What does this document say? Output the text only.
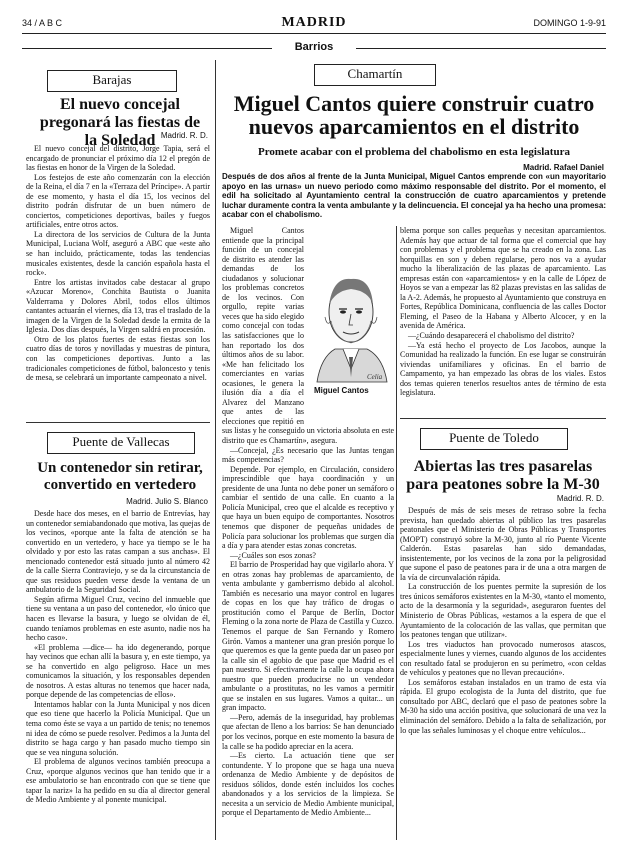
34 / A B C	MADRID	DOMINGO 1-9-91
Barrios
Barajas
El nuevo concejal pregonará las fiestas de la Soledad Madrid. R. D.

El nuevo concejal del distrito, Jorge Tapia, será el encargado de pronunciar el próximo día 12 el pregón de las fiestas en honor de la Virgen de la Soledad.

Los festejos de este año comenzarán con la elección de la Reina, el día 7 en la «Terraza del Príncipe». A partir de ese momento, y hasta el día 15, los vecinos del distrito podrán disfrutar de un buen número de conciertos, competiciones deportivas, bailes y fuegos artificiales, entre otros actos.

La directora de los servicios de Cultura de la Junta Municipal, Luciana Wolf, aseguró a ABC que «este año se han incluido, prácticamente, todas las tendencias musicales existentes, desde la canción española hasta el rock».

Entre los artistas invitados cabe destacar al grupo «Azucar Moreno», Conchita Bautista o Juanita Valderrama y Dolores Abril, todos ellos últimos cantantes actuarán el viernes, día 13, tras el traslado de la imagen de la Virgen de la Soledad desde la ermita de la Iglesia. Dos días después, la Virgen saldrá en procesión.

Otro de los platos fuertes de estas fiestas son los cuatro días de toros y novilladas y muestras de pintura, con las competiciones deportivas. Junto a las tradicionales competiciones de fútbol, baloncesto y tenis de mesa, se celebrará un importante campeonato a nivel.

Puente de Vallecas
Un contenedor sin retirar, convertido en vertedero
Madrid. Julio S. Blanco

Desde hace dos meses, en el barrio de Entrevías, hay un contenedor semiabandonado que motiva, las quejas de los vecinos, «porque ante la falta de atención se ha convertido en un vertedero, y hace ya tiempo se le ha olvidado y por esto las ratas campan a sus anchas». El mencionado contenedor está situado junto al número 42 de la calle Sierra Contraviejo, y se da la circunstancia de que sus residuos pueden verse desde la ventana de un ambulatorio de la Seguridad Social.

Según afirma Miguel Cruz, vecino del inmueble que tiene su ventana a un paso del contenedor, «lo único que hacen es llevarse la basura, y luego se olvidan de él, cuando teníamos problemas en este asunto, nadie nos ha hecho caso».

«El problema —dice— ha ido degenerando, porque hay vecinos que echan allí la basura y, en este tiempo, ya se ha convertido en algo peligroso. Hace un mes comunicamos la situación, y los responsables dependen de nosotros. A estas alturas no tenemos que hacer nada, porque depende de las competencias de ellos».

Intentamos hablar con la Junta Municipal y nos dicen que eso tiene que hacerlo la Policía Municipal. Que un tema como éste se vaya a un partido de tenis; no tenemos ni idea de cómo se puede resolver. Pedimos a la Junta del distrito se haga cargo y han pasado mucho tiempo sin que se vea ninguna solución.

El problema de algunos vecinos también preocupa a Cruz, «porque algunos vecinos que han tenido que ir a ese ambulatorio se han encontrado con que se tiene que tapar la nariz» la ha pedido en su día al director general de Medio Ambiente y al ponente municipal.

Chamartín
Miguel Cantos quiere construir cuatro nuevos aparcamientos en el distrito
Promete acabar con el problema del chabolismo en esta legislatura
Madrid. Rafael Daniel
Después de dos años al frente de la Junta Municipal, Miguel Cantos emprende con «un mayoritario apoyo en las urnas» un nuevo periodo como máximo responsable del distrito. Por el momento, el edil ha solicitado al Ayuntamiento central la construcción de cuatro aparcamientos y pretende luchar duramente contra la venta ambulante y la delincuencia. El concejal ya ha hecho una promesa: acabar con el chabolismo.

Miguel Cantos entiende que la principal función de un concejal de distrito es atender las demandas de los ciudadanos y solucionar los problemas concretos de los vecinos. Con orgullo, repite varias veces que ha sido elegido como concejal con todas las satisfacciones que lo han reportado los dos últimos años de su labor. «Me han felicitado los comerciantes en varias ocasiones, le genera la ilusión día a día el Alvarez del Manzano que antes de las elecciones que repitió en sus listas y he conseguido un victoria absoluta en este distrito que es Chamartín», asegura.

—Concejal, ¿Es necesario que las Juntas tengan más competencias?

Depende. Por ejemplo, en Circulación, considero imprescindible que haya coordinación y un presidente de una Junta no debe poner un semáforo o cambiar el sentido de una calle. En cuanto a la Policía Municipal, creo que el alcalde es receptivo y que haya un buen equipo de comportantes. Nosotros tenemos que disponer de pequeñas unidades de Policía para solucionar los problemas que surgen día a día y para atender estas zonas concretas.

—¿Cuáles son esos zonas?

El barrio de Prosperidad hay que vigilarlo ahora. Y en otras zonas hay problemas de aparcamiento, de venta ambulante y gamberrismo debido al alcohol. También es necesario una mayor control en lugares de copas en los que hay tráfico de drogas o prostitución como el Parque de Berlín, Doctor Fleming o la zona norte de Plaza de Castilla y Cuzco. Tenemos el parque de San Fernando y Romero Girón. Vamos a mantener una gran presión porque lo que queremos es que la gente pueda dar un paseo por la calle sin el agobio de que pase que Madrid es el pan nuestro. Si efectivamente la calle la ocupa ahora nuestro que pueden producirse no un vendedor ambulante o a prostitutas, no les vamos a permitir que se instalen en sus lugares. Vamos a quitar... un gran impacto.

—Pero, además de la inseguridad, hay problemas que afectan de lleno a los barrios: Se han denunciado por los vecinos, porque en este momento la basura de la calle se ha podido apreciar en la acera.

—Es cierto. La actuación tiene que ser contundente. Y lo propone que se haga una nueva ordenanza de Medio Ambiente y de depósitos de residuos sólidos, donde estén incluidos los coches abandonados y a los servicios de la limpieza. Se necesita a un servicio de Medio Ambiente municipal, porque el Departamento de Medio Ambiente...

Celia
Miguel Cantos

blema porque son calles pequeñas y necesitan aparcamientos. Además hay que actuar de tal forma que el comercial que hay con problemas y el problema que se ha creado en la zona. Las horquillas en son y deben regularse, pero nos va a ayudar mucho la liberalización de las plazas de aparcamiento. Las empresas están con «aparcamientos» y en la calle de López de Hoyos se van a empezar las 82 plazas previstas en las salidas de la A-2. Además, he propuesto al Ayuntamiento que construya en Fortes, República Dominicana, confluencia de las calles Doctor Fleming, el Paseo de la Habana y Alberto Alcocer, y en la avenida de América.

—¿Cuándo desaparecerá el chabolismo del distrito?

—Ya está hecho el proyecto de Los Jacobos, aunque la Comunidad ha realizado la función. En ese lugar se construirán viviendas unifamiliares y oficinas. En el barrio de Campamento, ya han empezado las obras de los viales. Estos dos temas quieren tenerlos resueltos antes de término de esta legislatura.

Puente de Toledo
Abiertas las tres pasarelas para peatones sobre la M-30
Madrid. R. D.

Después de más de seis meses de retraso sobre la fecha prevista, han quedado abiertas al público las tres pasarelas peatonales que el Ministerio de Obras Públicas y Transportes (MOPT) construyó sobre la M-30, junto al río Puente Vicente Calderón. Estas pasarelas han sido demandadas, insistentemente, por los vecinos de la zona por la peligrosidad que supone el paso de peatones para ir de una a otra margen de la vía de circunvalación rápida.

La construcción de los puentes permite la supresión de los tres únicos semáforos existentes en la M-30, «tanto el momento, acto de la desarmonía y la seguridad», aseguraron fuentes del Ministerio de Obras Públicas, «estamos a la espera de que el Ayuntamiento de la colocación de las vallas, que permitan que los peatones tengan que utilizar».

Los tres viaductos han provocado numerosos atascos, especialmente lunes y viernes, cuando algunos de los accidentes con resultado fatal se produjeron en su perímetro, «con celdas de vehículos y peatones que no llevan precaución».

Los semáforos estaban instalados en un tramo de esta vía rápida. El grupo ecologista de la Junta del distrito, que fue consultado por ABC, declaró que el paso de peatones sobre la M-30 ha sido una acción positiva, que solucionará de una vez la eliminación del semáforo. Debido a la falta de señalización, por lo que las señales luminosas y el choque entre vehículos...
